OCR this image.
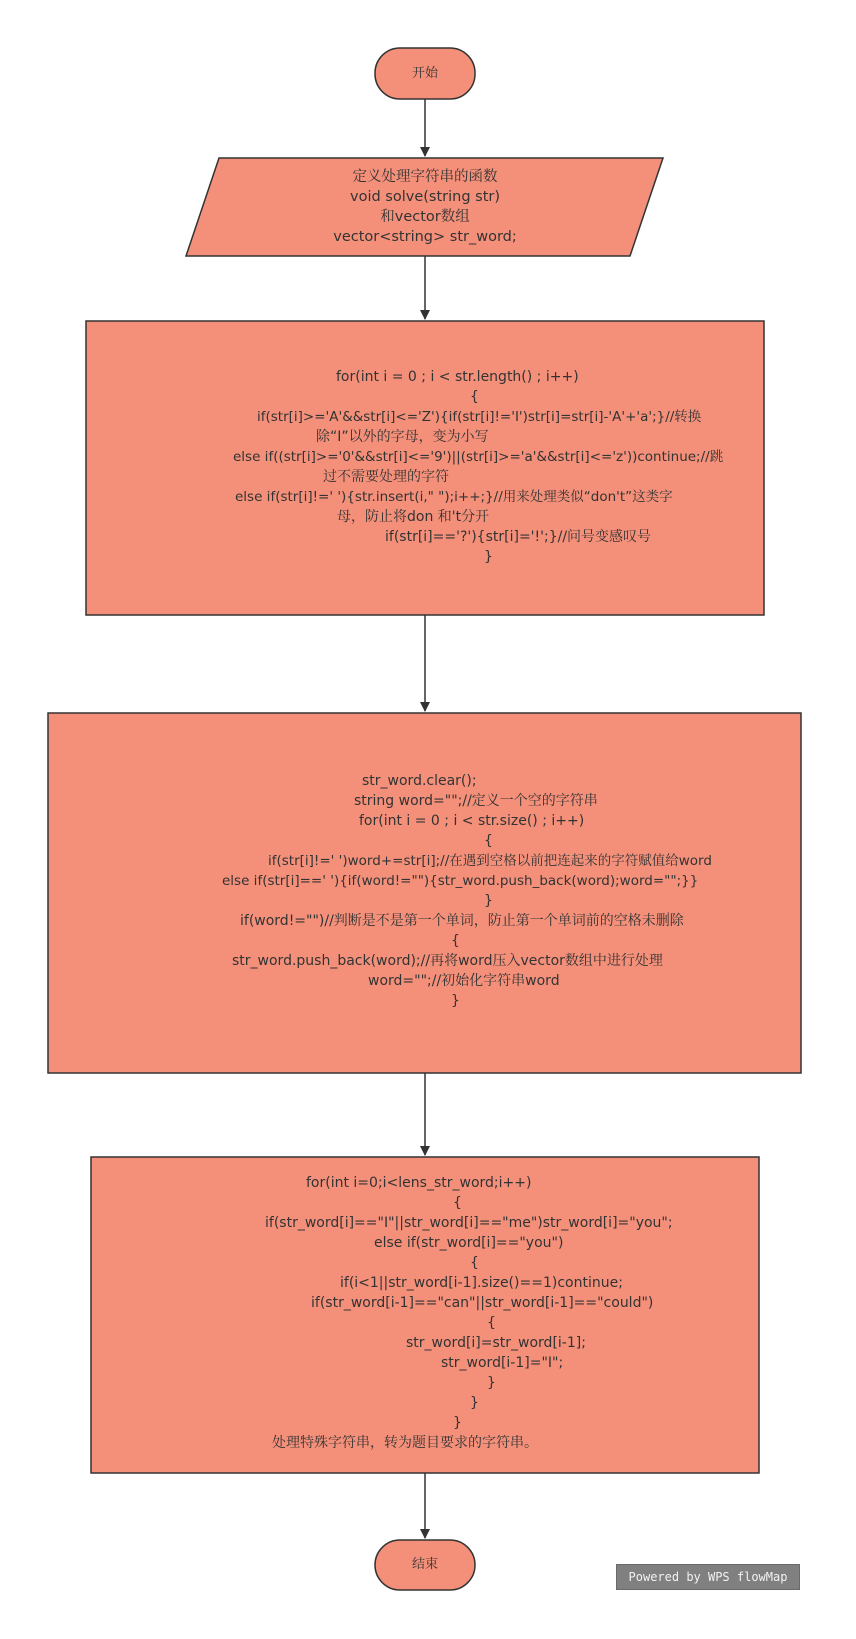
开始
定义处理字符串的函数
void solve(string str)
和vector数组
vector<string> str_word;
for(int i = 0 ; i < str.length() ; i++)
{
if(str[i]>='A'&&str[i]<='Z'){if(str[i]!='I')str[i]=str[i]-'A'+'a';}//转换
除“I”以外的字母，变为小写
else if((str[i]>='0'&&str[i]<='9')||(str[i]>='a'&&str[i]<='z'))continue;//跳
过不需要处理的字符
else if(str[i]!=' '){str.insert(i," ");i++;}//用来处理类似“don't”这类字
母，防止将don 和't分开
if(str[i]=='?'){str[i]='!';}//问号变感叹号
}
str_word.clear();
string word="";//定义一个空的字符串
for(int i = 0 ; i < str.size() ; i++)
{
if(str[i]!=' ')word+=str[i];//在遇到空格以前把连起来的字符赋值给word
else if(str[i]==' '){if(word!=""){str_word.push_back(word);word="";}}
}
if(word!="")//判断是不是第一个单词，防止第一个单词前的空格未删除
{
str_word.push_back(word);//再将word压入vector数组中进行处理
word="";//初始化字符串word
}
for(int i=0;i<lens_str_word;i++)
{
if(str_word[i]=="I"||str_word[i]=="me")str_word[i]="you";
else if(str_word[i]=="you")
{
if(i<1||str_word[i-1].size()==1)continue;
if(str_word[i-1]=="can"||str_word[i-1]=="could")
{
str_word[i]=str_word[i-1];
str_word[i-1]="I";
}
}
}
处理特殊字符串，转为题目要求的字符串。
结束
Powered by WPS flowMap
